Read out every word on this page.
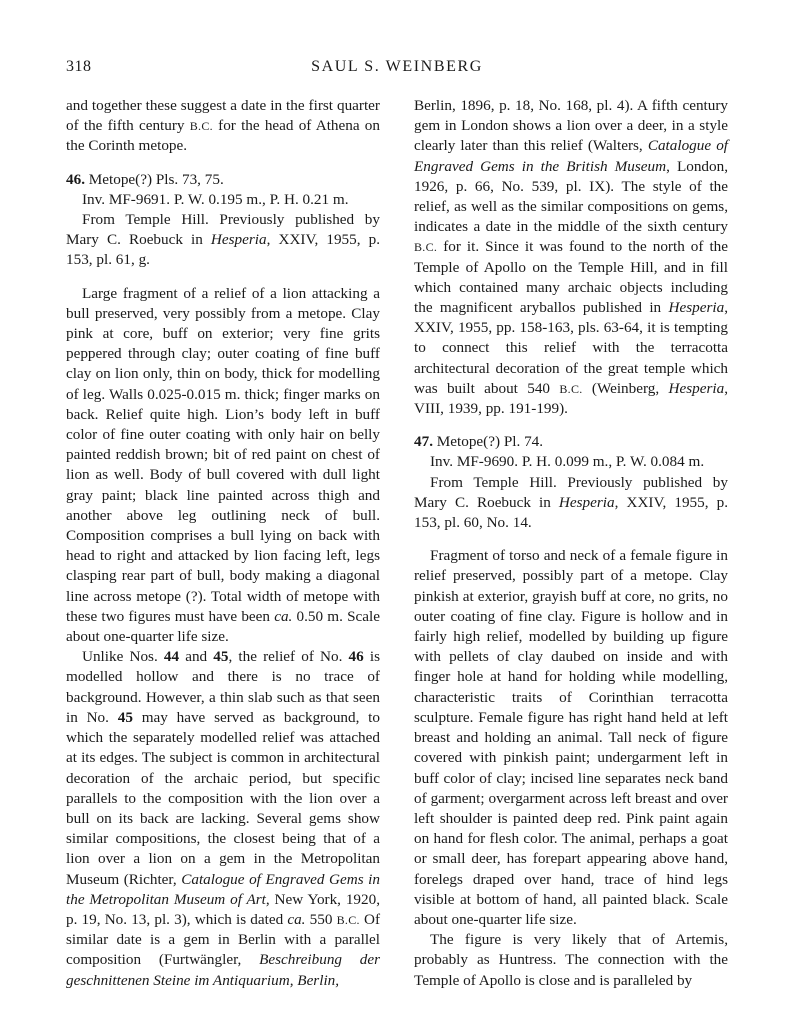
318	SAUL S. WEINBERG

and together these suggest a date in the first quarter of the fifth century B.C. for the head of Athena on the Corinth metope.

46. Metope(?) Pls. 73, 75.

Inv. MF-9691. P. W. 0.195 m., P. H. 0.21 m.

From Temple Hill. Previously published by Mary C. Roebuck in Hesperia, XXIV, 1955, p. 153, pl. 61, g.

Large fragment of a relief of a lion attacking a bull preserved, very possibly from a metope. Clay pink at core, buff on exterior; very fine grits peppered through clay; outer coating of fine buff clay on lion only, thin on body, thick for modelling of leg. Walls 0.025-0.015 m. thick; finger marks on back. Relief quite high. Lion’s body left in buff color of fine outer coating with only hair on belly painted reddish brown; bit of red paint on chest of lion as well. Body of bull covered with dull light gray paint; black line painted across thigh and another above leg outlining neck of bull. Composition comprises a bull lying on back with head to right and attacked by lion facing left, legs clasping rear part of bull, body making a diagonal line across metope (?). Total width of metope with these two figures must have been ca. 0.50 m. Scale about one-quarter life size.

Unlike Nos. 44 and 45, the relief of No. 46 is modelled hollow and there is no trace of background. However, a thin slab such as that seen in No. 45 may have served as background, to which the separately modelled relief was attached at its edges. The subject is common in architectural decoration of the archaic period, but specific parallels to the composition with the lion over a bull on its back are lacking. Several gems show similar compositions, the closest being that of a lion over a lion on a gem in the Metropolitan Museum (Richter, Catalogue of Engraved Gems in the Metropolitan Museum of Art, New York, 1920, p. 19, No. 13, pl. 3), which is dated ca. 550 B.C. Of similar date is a gem in Berlin with a parallel composition (Furtwängler, Beschreibung der geschnittenen Steine im Antiquarium, Berlin,

Berlin, 1896, p. 18, No. 168, pl. 4). A fifth century gem in London shows a lion over a deer, in a style clearly later than this relief (Walters, Catalogue of Engraved Gems in the British Museum, London, 1926, p. 66, No. 539, pl. IX). The style of the relief, as well as the similar compositions on gems, indicates a date in the middle of the sixth century B.C. for it. Since it was found to the north of the Temple of Apollo on the Temple Hill, and in fill which contained many archaic objects including the magnificent aryballos published in Hesperia, XXIV, 1955, pp. 158-163, pls. 63-64, it is tempting to connect this relief with the terracotta architectural decoration of the great temple which was built about 540 B.C. (Weinberg, Hesperia, VIII, 1939, pp. 191-199).

47. Metope(?) Pl. 74.

Inv. MF-9690. P. H. 0.099 m., P. W. 0.084 m.

From Temple Hill. Previously published by Mary C. Roebuck in Hesperia, XXIV, 1955, p. 153, pl. 60, No. 14.

Fragment of torso and neck of a female figure in relief preserved, possibly part of a metope. Clay pinkish at exterior, grayish buff at core, no grits, no outer coating of fine clay. Figure is hollow and in fairly high relief, modelled by building up figure with pellets of clay daubed on inside and with finger hole at hand for holding while modelling, characteristic traits of Corinthian terracotta sculpture. Female figure has right hand held at left breast and holding an animal. Tall neck of figure covered with pinkish paint; undergarment left in buff color of clay; incised line separates neck band of garment; overgarment across left breast and over left shoulder is painted deep red. Pink paint again on hand for flesh color. The animal, perhaps a goat or small deer, has forepart appearing above hand, forelegs draped over hand, trace of hind legs visible at bottom of hand, all painted black. Scale about one-quarter life size.

The figure is very likely that of Artemis, probably as Huntress. The connection with the Temple of Apollo is close and is paralleled by
